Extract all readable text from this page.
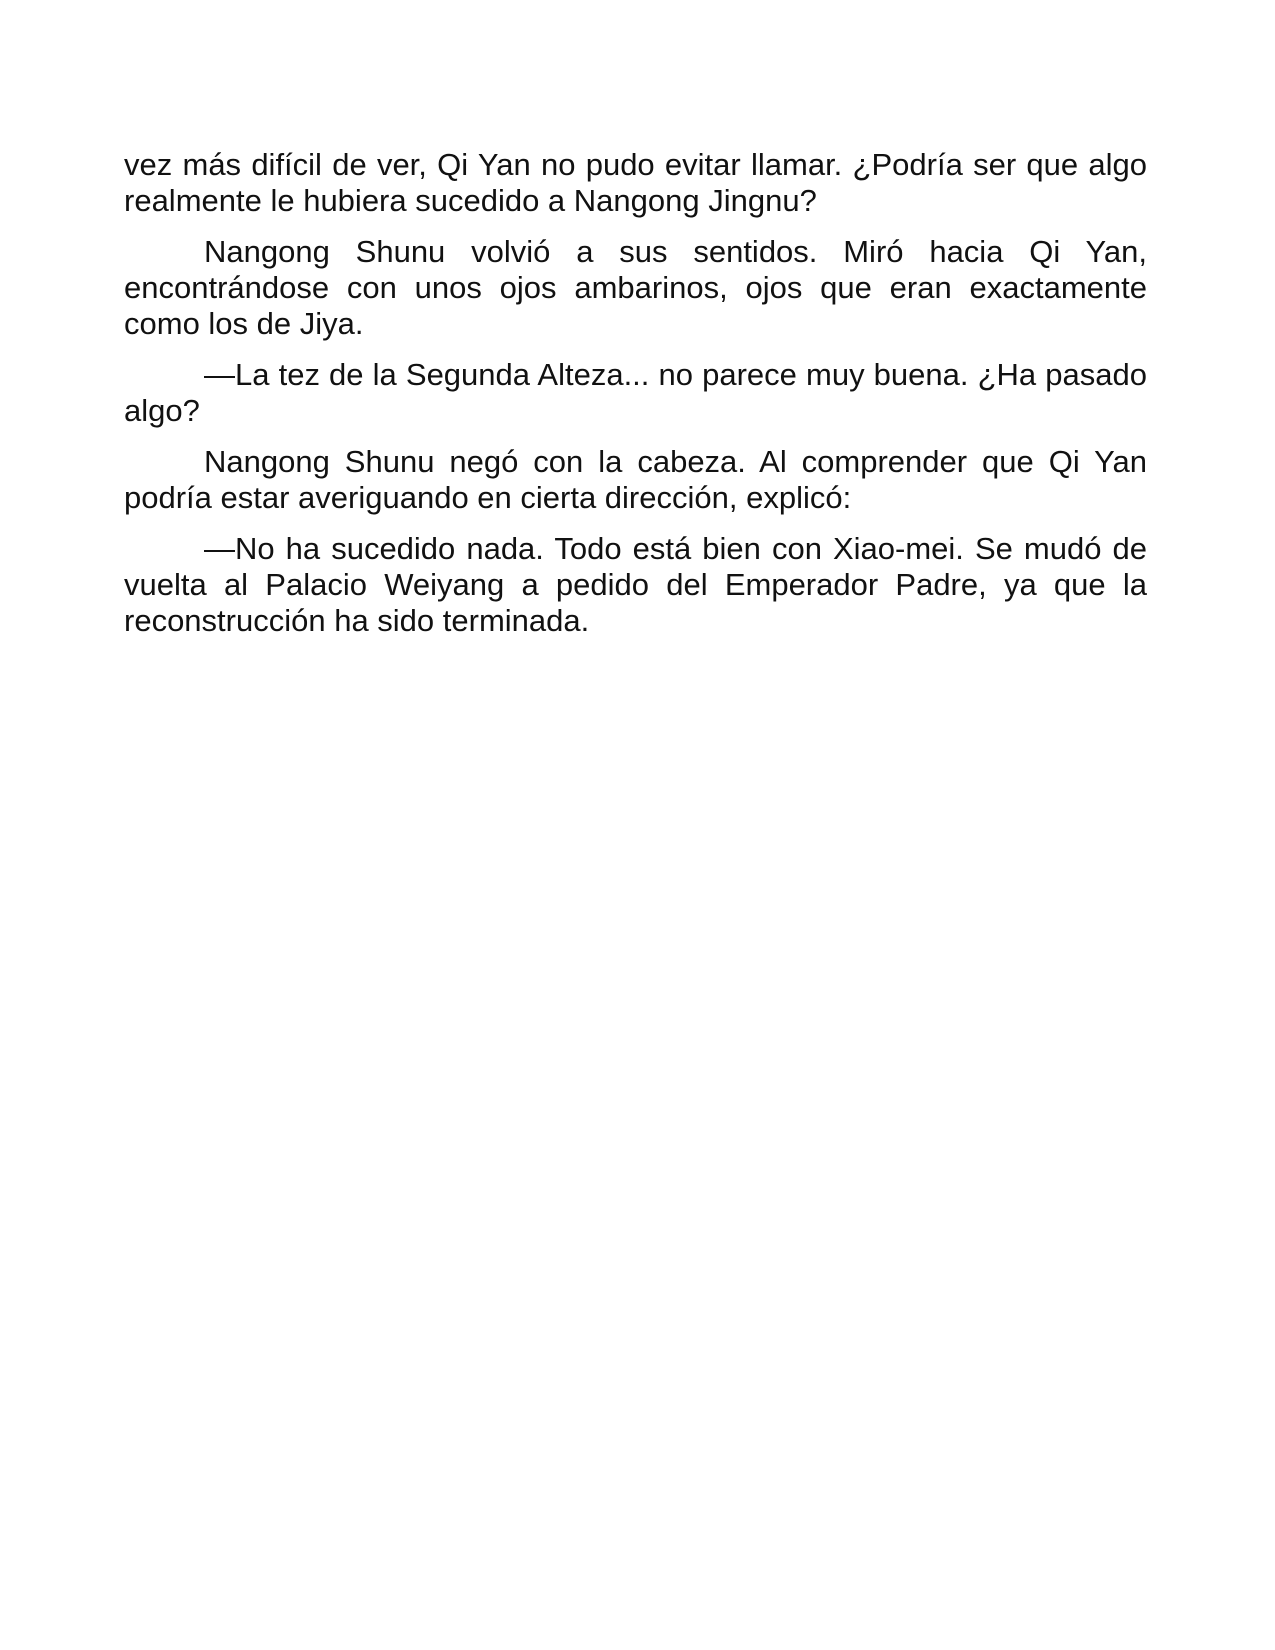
vez más difícil de ver, Qi Yan no pudo evitar llamar. ¿Podría ser que algo realmente le hubiera sucedido a Nangong Jingnu?

Nangong Shunu volvió a sus sentidos. Miró hacia Qi Yan, encontrándose con unos ojos ambarinos, ojos que eran exactamente como los de Jiya.

—La tez de la Segunda Alteza... no parece muy buena. ¿Ha pasado algo?

Nangong Shunu negó con la cabeza. Al comprender que Qi Yan podría estar averiguando en cierta dirección, explicó:

—No ha sucedido nada. Todo está bien con Xiao-mei. Se mudó de vuelta al Palacio Weiyang a pedido del Emperador Padre, ya que la reconstrucción ha sido terminada.
